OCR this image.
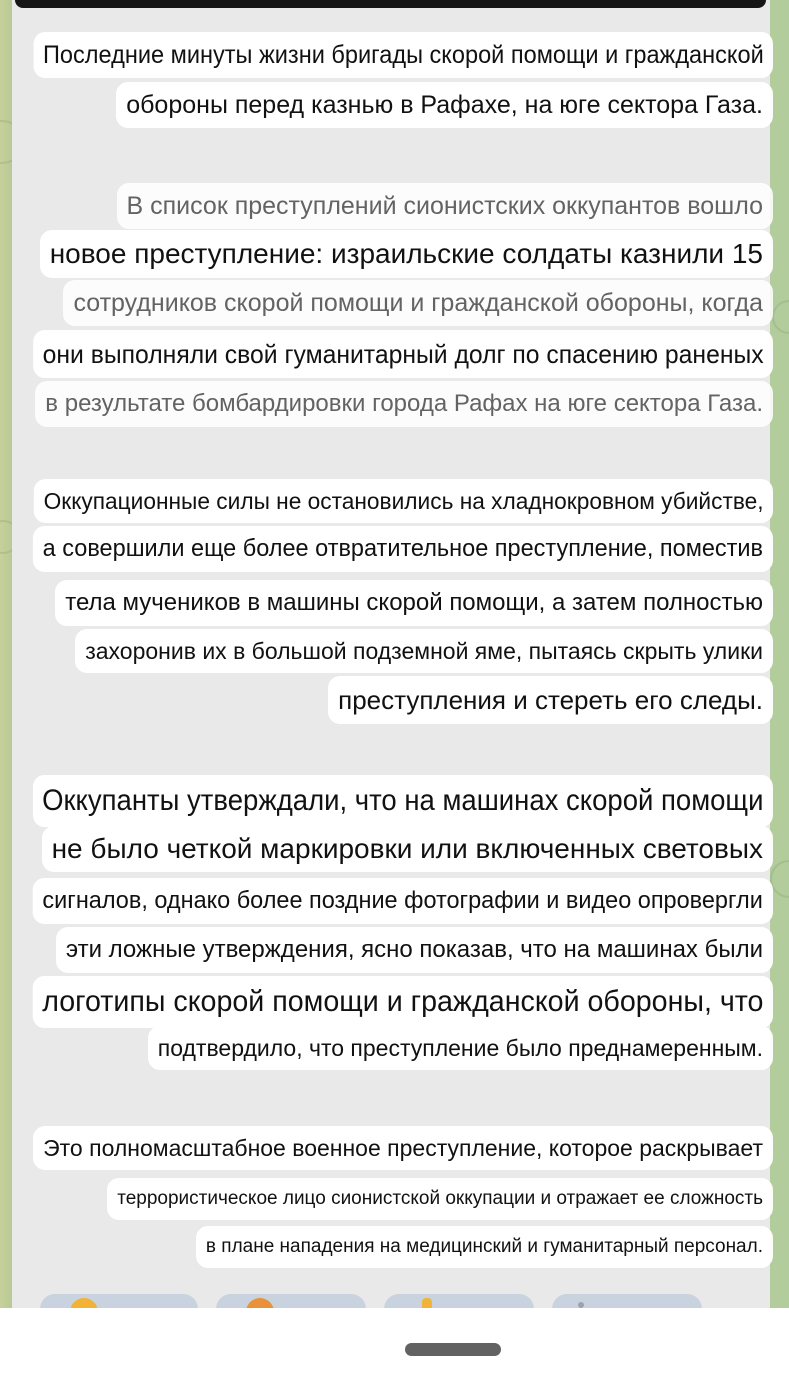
Последние минуты жизни бригады скорой помощи и гражданской
обороны перед казнью в Рафахе, на юге сектора Газа.
В список преступлений сионистских оккупантов вошло
новое преступление: израильские солдаты казнили 15
сотрудников скорой помощи и гражданской обороны, когда
они выполняли свой гуманитарный долг по спасению раненых
в результате бомбардировки города Рафах на юге сектора Газа.
Оккупационные силы не остановились на хладнокровном убийстве,
а совершили еще более отвратительное преступление, поместив
тела мучеников в машины скорой помощи, а затем полностью
захоронив их в большой подземной яме, пытаясь скрыть улики
преступления и стереть его следы.
Оккупанты утверждали, что на машинах скорой помощи
не было четкой маркировки или включенных световых
сигналов, однако более поздние фотографии и видео опровергли
эти ложные утверждения, ясно показав, что на машинах были
логотипы скорой помощи и гражданской обороны, что
подтвердило, что преступление было преднамеренным.
Это полномасштабное военное преступление, которое раскрывает
террористическое лицо сионистской оккупации и отражает ее сложность
в плане нападения на медицинский и гуманитарный персонал.
